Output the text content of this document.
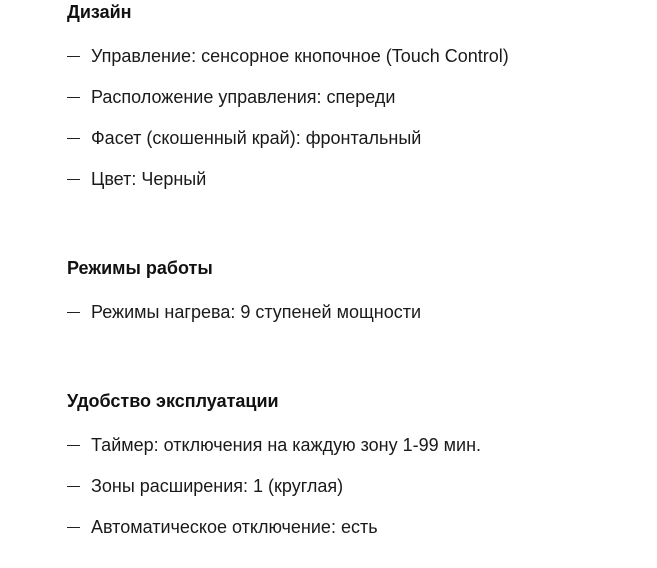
Дизайн
Управление: сенсорное кнопочное (Touch Control)
Расположение управления: спереди
Фасет (скошенный край): фронтальный
Цвет: Черный
Режимы работы
Режимы нагрева: 9 ступеней мощности
Удобство эксплуатации
Таймер: отключения на каждую зону 1-99 мин.
Зоны расширения: 1 (круглая)
Автоматическое отключение: есть
